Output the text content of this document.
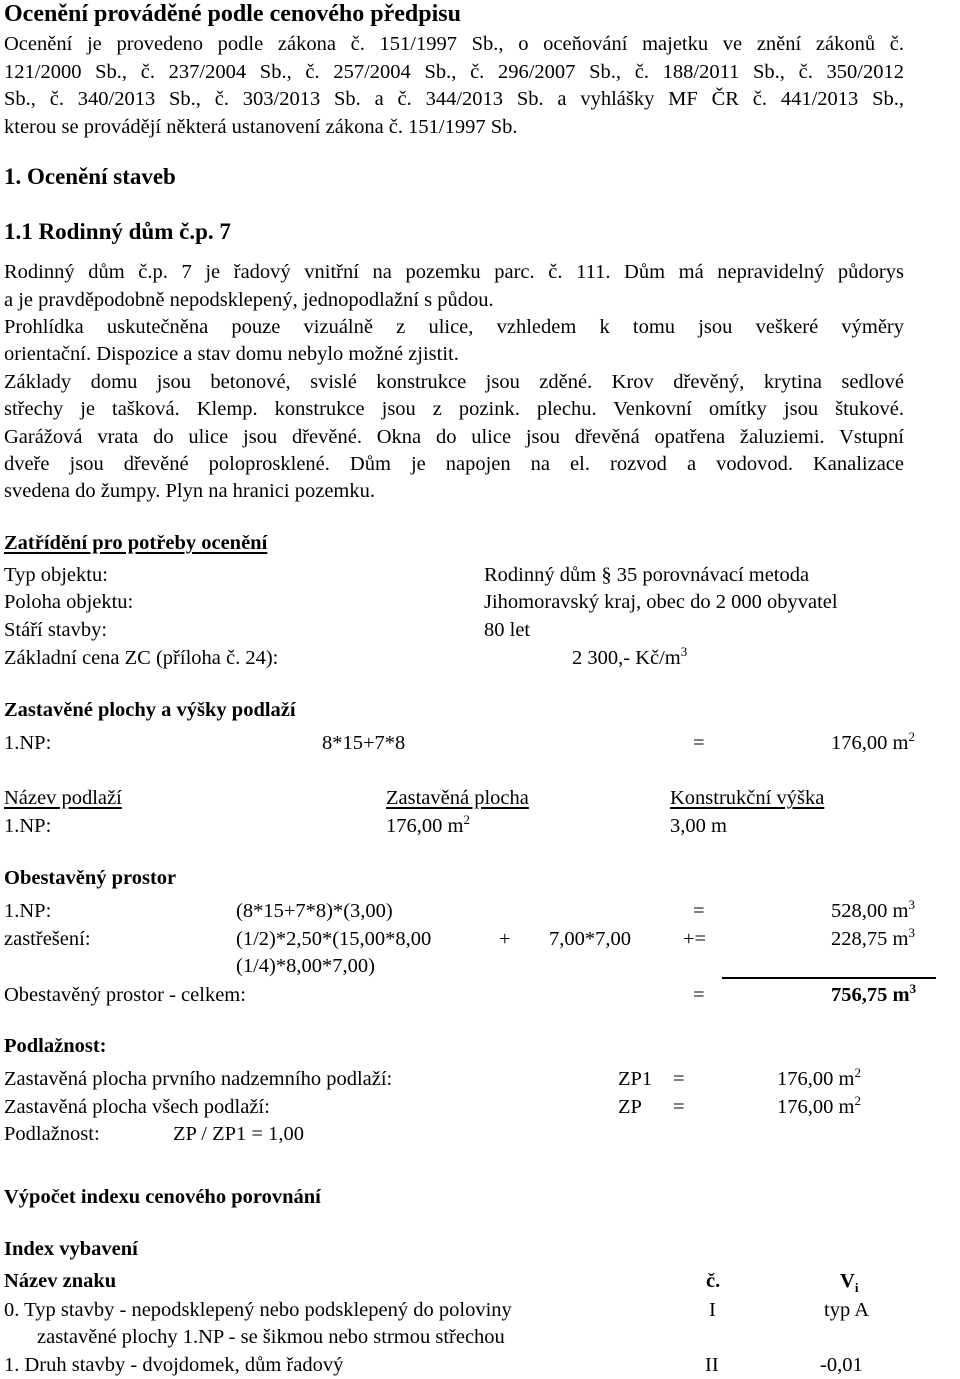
Ocenění prováděné podle cenového předpisu
Ocenění je provedeno podle zákona č. 151/1997 Sb., o oceňování majetku ve znění zákonů č.
121/2000 Sb., č. 237/2004 Sb., č. 257/2004 Sb., č. 296/2007 Sb., č. 188/2011 Sb., č. 350/2012
Sb., č. 340/2013 Sb., č. 303/2013 Sb. a č. 344/2013 Sb. a vyhlášky MF ČR č. 441/2013 Sb.,
kterou se provádějí některá ustanovení zákona č. 151/1997 Sb.
1. Ocenění staveb
1.1 Rodinný dům č.p. 7
Rodinný dům č.p. 7 je řadový vnitřní na pozemku parc. č. 111. Dům má nepravidelný půdorys
a je pravděpodobně nepodsklepený, jednopodlažní s půdou.
Prohlídka uskutečněna pouze vizuálně z ulice, vzhledem k tomu jsou veškeré výměry
orientační. Dispozice a stav domu nebylo možné zjistit.
Základy domu jsou betonové, svislé konstrukce jsou zděné. Krov dřevěný, krytina sedlové
střechy je tašková. Klemp. konstrukce jsou z pozink. plechu. Venkovní omítky jsou štukové.
Garážová vrata do ulice jsou dřevěné. Okna do ulice jsou dřevěná opatřena žaluziemi. Vstupní
dveře jsou dřevěné poloprosklené. Dům je napojen na el. rozvod a vodovod. Kanalizace
svedena do žumpy. Plyn na hranici pozemku.
Zatřídění pro potřeby ocenění
Typ objektu:	Rodinný dům § 35 porovnávací metoda
Poloha objektu:	Jihomoravský kraj, obec do 2 000 obyvatel
Stáří stavby:	80 let
Základní cena ZC (příloha č. 24):	2 300,- $Kč/m^3$
Zastavěné plochy a výšky podlaží
1.NP:	8*15+7*8	=	176,00 $m^2$
Název podlaží	Zastavěná plocha	Konstrukční výška
1.NP:	176,00 $m^2$	3,00 m
Obestavěný prostor
1.NP:	(8*15+7*8)*(3,00)	=	528,00 $m^3$
zastřešení:	(1/2)*2,50*(15,00*8,00	+ 7,00*7,00	+=	228,75 $m^3$
(1/4)*8,00*7,00)
Obestavěný prostor - celkem:	=	756,75 $m^3$
Podlažnost:
Zastavěná plocha prvního nadzemního podlaží:	ZP1 =	176,00 $m^2$
Zastavěná plocha všech podlaží:	ZP =	176,00 $m^2$
Podlažnost:	ZP / ZP1 = 1,00
Výpočet indexu cenového porovnání
Index vybavení
Název znaku	č.	$V_i$
0. Typ stavby - nepodsklepený nebo podsklepený do poloviny
zastavěné plochy 1.NP - se šikmou nebo strmou střechou
I	typ A
1. Druh stavby - dvojdomek, dům řadový	II	-0,01
